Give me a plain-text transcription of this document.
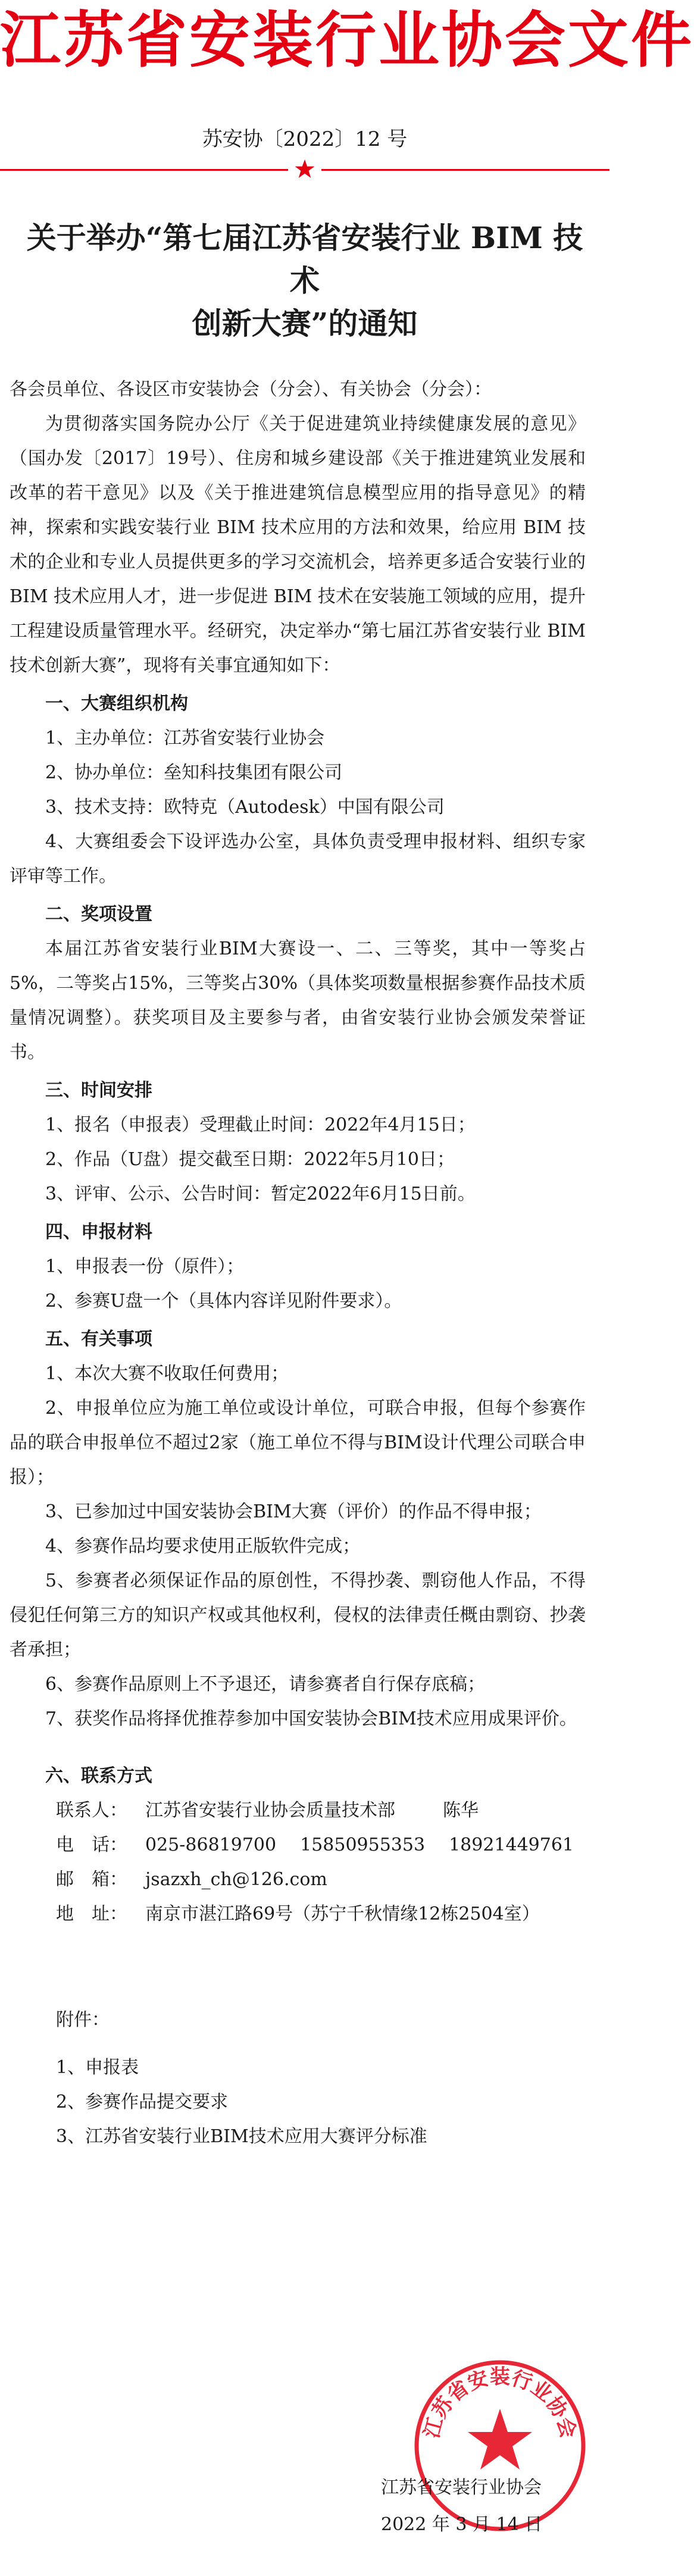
江苏省安装行业协会文件
苏安协〔2022〕12 号
关于举办“第七届江苏省安装行业 BIM 技术
创新大赛”的通知
各会员单位、各设区市安装协会（分会）、有关协会（分会）：

为贯彻落实国务院办公厅《关于促进建筑业持续健康发展的意见》（国办发〔2017〕19号）、住房和城乡建设部《关于推进建筑业发展和改革的若干意见》以及《关于推进建筑信息模型应用的指导意见》的精神，探索和实践安装行业 BIM 技术应用的方法和效果，给应用 BIM 技术的企业和专业人员提供更多的学习交流机会，培养更多适合安装行业的 BIM 技术应用人才，进一步促进 BIM 技术在安装施工领域的应用，提升工程建设质量管理水平。经研究，决定举办“第七届江苏省安装行业 BIM 技术创新大赛”，现将有关事宜通知如下：

一、大赛组织机构
1、主办单位：江苏省安装行业协会
2、协办单位：垒知科技集团有限公司
3、技术支持：欧特克（Autodesk）中国有限公司
4、大赛组委会下设评选办公室，具体负责受理申报材料、组织专家评审等工作。
二、奖项设置

本届江苏省安装行业BIM大赛设一、二、三等奖，其中一等奖占5%，二等奖占15%，三等奖占30%（具体奖项数量根据参赛作品技术质量情况调整）。获奖项目及主要参与者，由省安装行业协会颁发荣誉证书。

三、时间安排
1、报名（申报表）受理截止时间：2022年4月15日；
2、作品（U盘）提交截至日期：2022年5月10日；
3、评审、公示、公告时间：暂定2022年6月15日前。
四、申报材料
1、申报表一份（原件）；
2、参赛U盘一个（具体内容详见附件要求）。
五、有关事项
1、本次大赛不收取任何费用；
2、申报单位应为施工单位或设计单位，可联合申报，但每个参赛作品的联合申报单位不超过2家（施工单位不得与BIM设计代理公司联合申报）；
3、已参加过中国安装协会BIM大赛（评价）的作品不得申报；
4、参赛作品均要求使用正版软件完成；
5、参赛者必须保证作品的原创性，不得抄袭、剽窃他人作品，不得侵犯任何第三方的知识产权或其他权利，侵权的法律责任概由剽窃、抄袭者承担；
6、参赛作品原则上不予退还，请参赛者自行保存底稿；
7、获奖作品将择优推荐参加中国安装协会BIM技术应用成果评价。
六、联系方式
联系人： 江苏省安装行业协会质量技术部	陈华
电　话： 025-86819700 15850955353 18921449761
邮　箱： jsazxh_ch@126.com
地　址： 南京市湛江路69号（苏宁千秋情缘12栋2504室）
附件：
1、申报表
2、参赛作品提交要求
3、江苏省安装行业BIM技术应用大赛评分标准
江苏省安装行业协会
江苏省安装行业协会
2022 年 3 月 14 日
